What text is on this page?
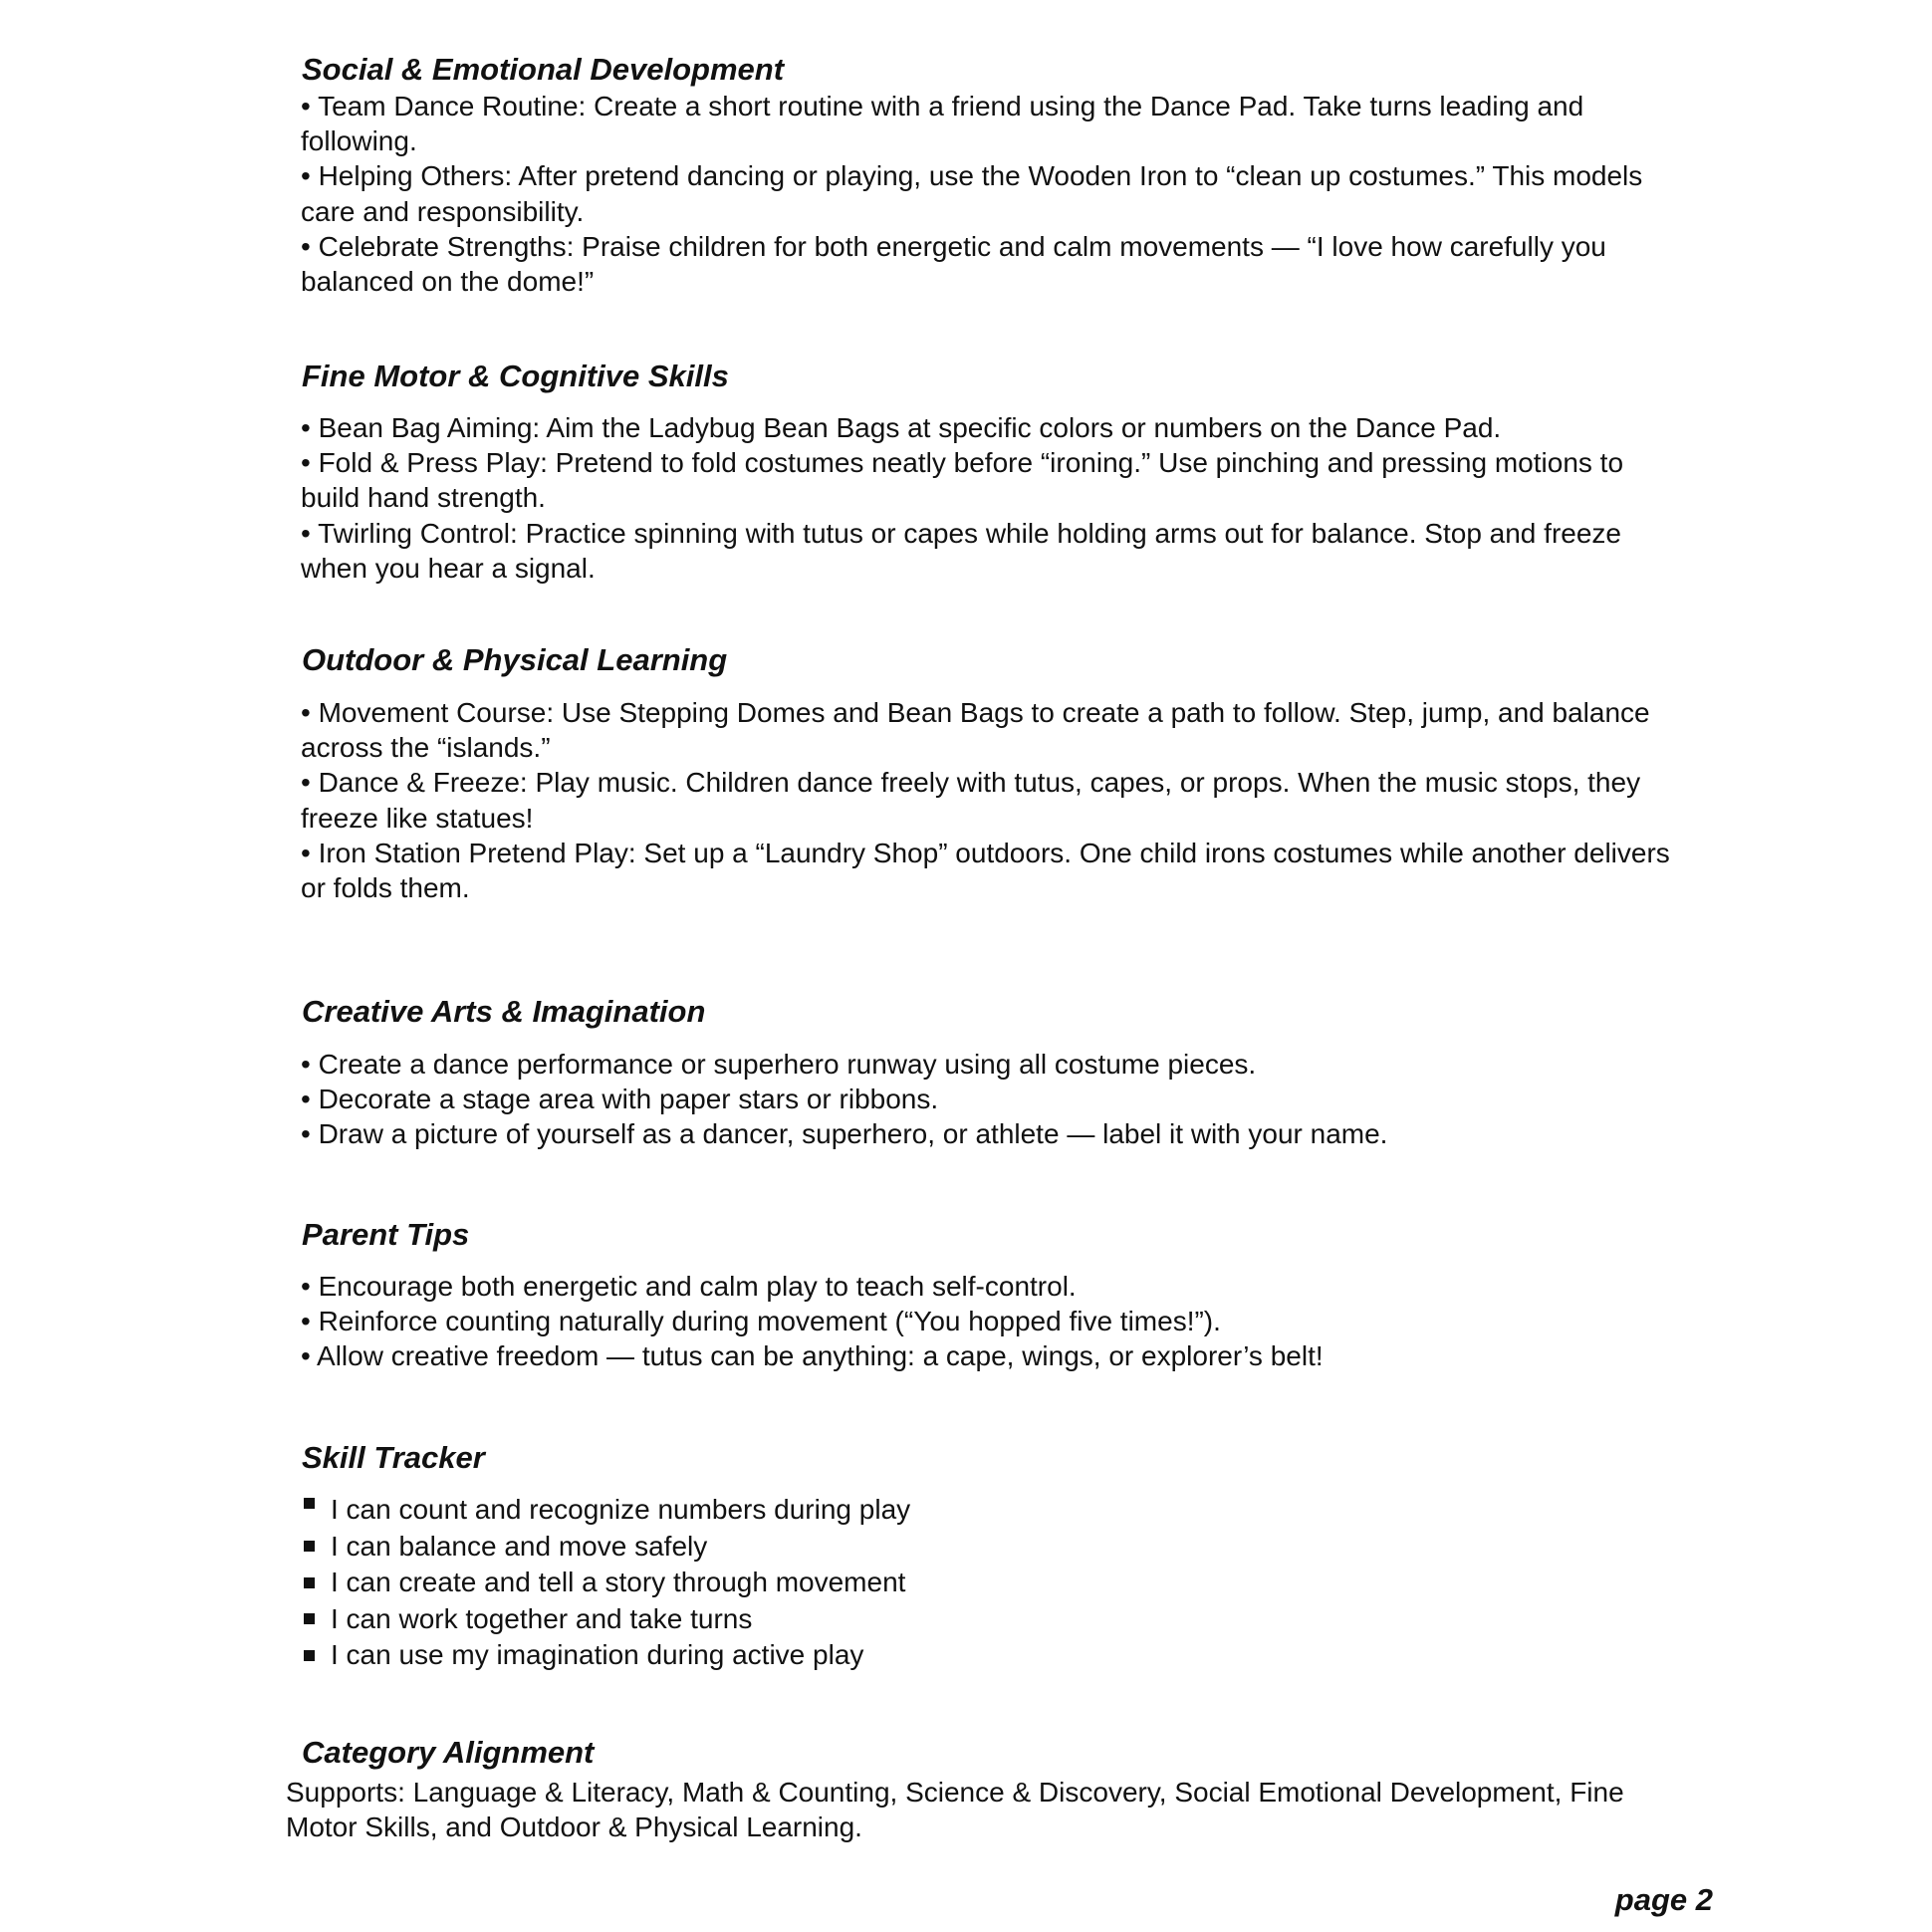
Social & Emotional Development
• Team Dance Routine: Create a short routine with a friend using the Dance Pad. Take turns leading and following.
• Helping Others: After pretend dancing or playing, use the Wooden Iron to “clean up costumes.” This models care and responsibility.
• Celebrate Strengths: Praise children for both energetic and calm movements — “I love how carefully you balanced on the dome!”
Fine Motor & Cognitive Skills
• Bean Bag Aiming: Aim the Ladybug Bean Bags at specific colors or numbers on the Dance Pad.
• Fold & Press Play: Pretend to fold costumes neatly before “ironing.” Use pinching and pressing motions to build hand strength.
• Twirling Control: Practice spinning with tutus or capes while holding arms out for balance. Stop and freeze when you hear a signal.
Outdoor & Physical Learning
• Movement Course: Use Stepping Domes and Bean Bags to create a path to follow. Step, jump, and balance across the “islands.”
• Dance & Freeze: Play music. Children dance freely with tutus, capes, or props. When the music stops, they freeze like statues!
• Iron Station Pretend Play: Set up a “Laundry Shop” outdoors. One child irons costumes while another delivers or folds them.
Creative Arts & Imagination
• Create a dance performance or superhero runway using all costume pieces.
• Decorate a stage area with paper stars or ribbons.
• Draw a picture of yourself as a dancer, superhero, or athlete — label it with your name.
Parent Tips
• Encourage both energetic and calm play to teach self-control.
• Reinforce counting naturally during movement (“You hopped five times!”).
• Allow creative freedom — tutus can be anything: a cape, wings, or explorer’s belt!
Skill Tracker
I can count and recognize numbers during play
I can balance and move safely
I can create and tell a story through movement
I can work together and take turns
I can use my imagination during active play
Category Alignment

Supports: Language & Literacy, Math & Counting, Science & Discovery, Social Emotional Development, Fine Motor Skills, and Outdoor & Physical Learning.

page 2
